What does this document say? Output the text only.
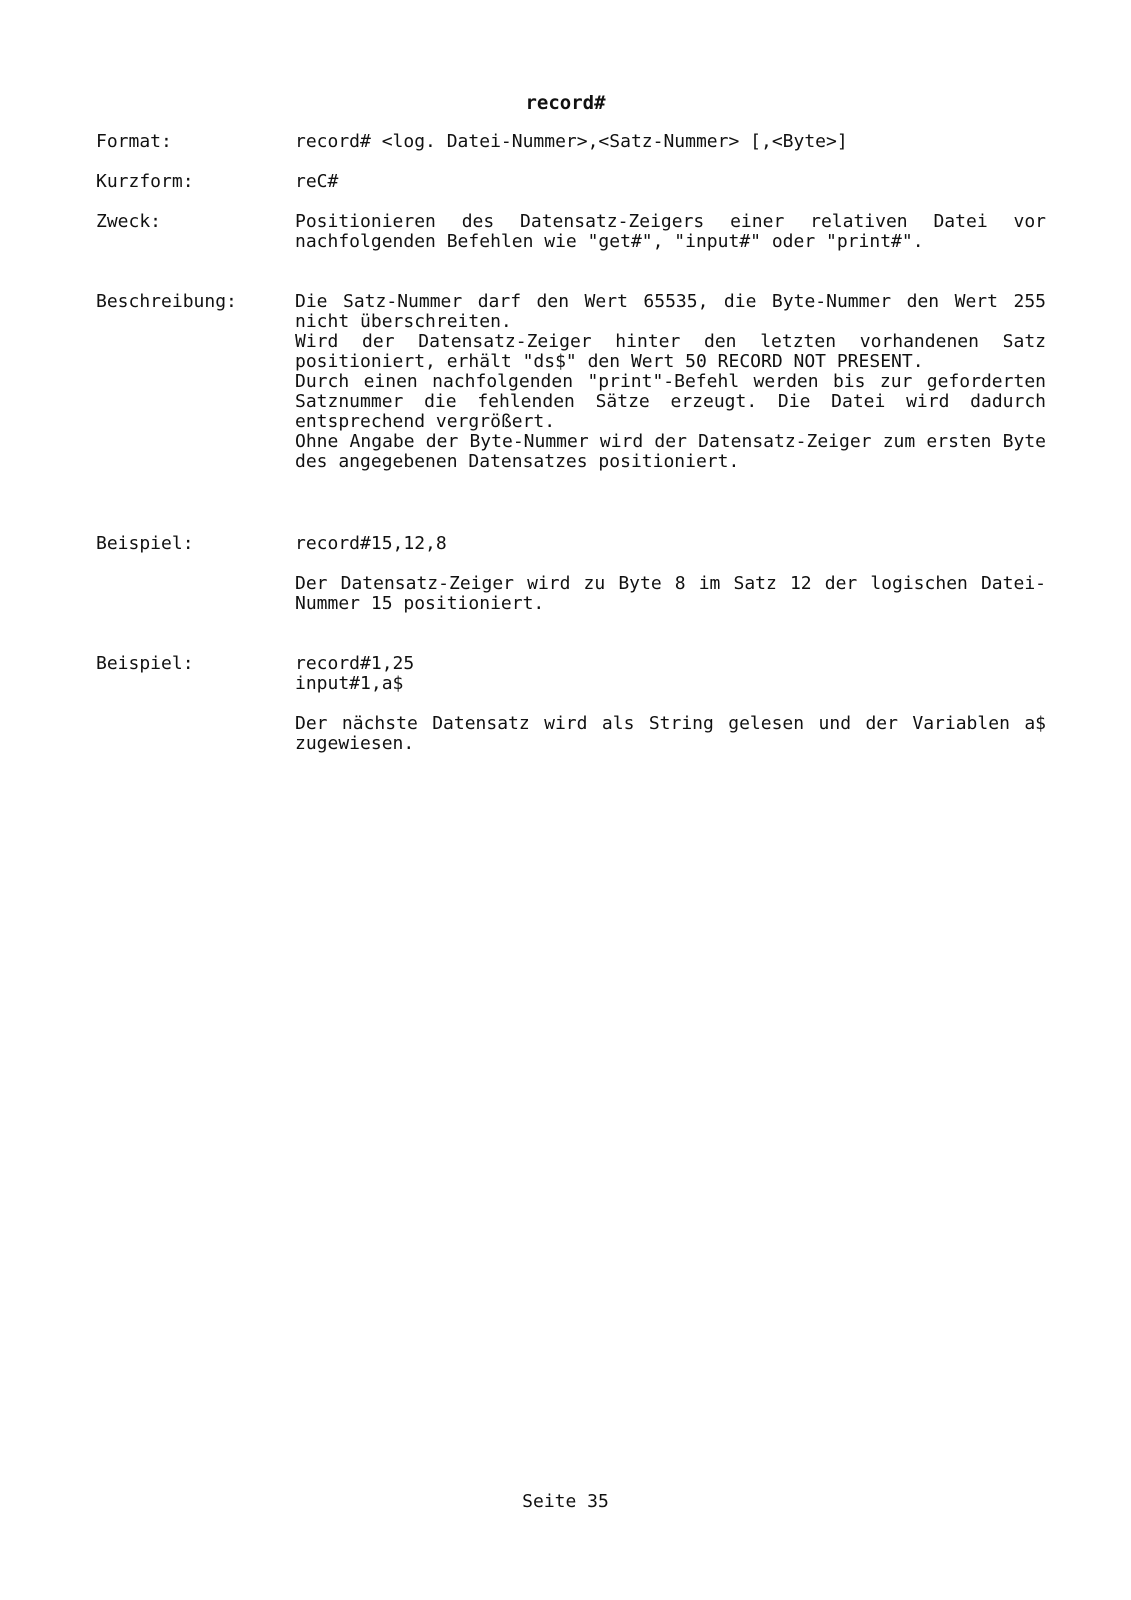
record#

Format:	record# <log. Datei-Nummer>,<Satz-Nummer> [,<Byte>]

Kurzform:	reC#

Zweck:	Positionieren des Datensatz-Zeigers einer relativen Datei vor nachfolgenden Befehlen wie "get#", "input#" oder "print#".

Beschreibung:	Die Satz-Nummer darf den Wert 65535, die Byte-Nummer den Wert 255 nicht überschreiten.

Wird der Datensatz-Zeiger hinter den letzten vorhandenen Satz positioniert, erhält "ds$" den Wert 50 RECORD NOT PRESENT.

Durch einen nachfolgenden "print"-Befehl werden bis zur geforderten Satznummer die fehlenden Sätze erzeugt. Die Datei wird dadurch entsprechend vergrößert.

Ohne Angabe der Byte-Nummer wird der Datensatz-Zeiger zum ersten Byte des angegebenen Datensatzes positioniert.

Beispiel:	record#15,12,8

Der Datensatz-Zeiger wird zu Byte 8 im Satz 12 der logischen Datei-Nummer 15 positioniert.

Beispiel:	record#1,25

input#1,a$

Der nächste Datensatz wird als String gelesen und der Variablen a$ zugewiesen.

Seite 35
